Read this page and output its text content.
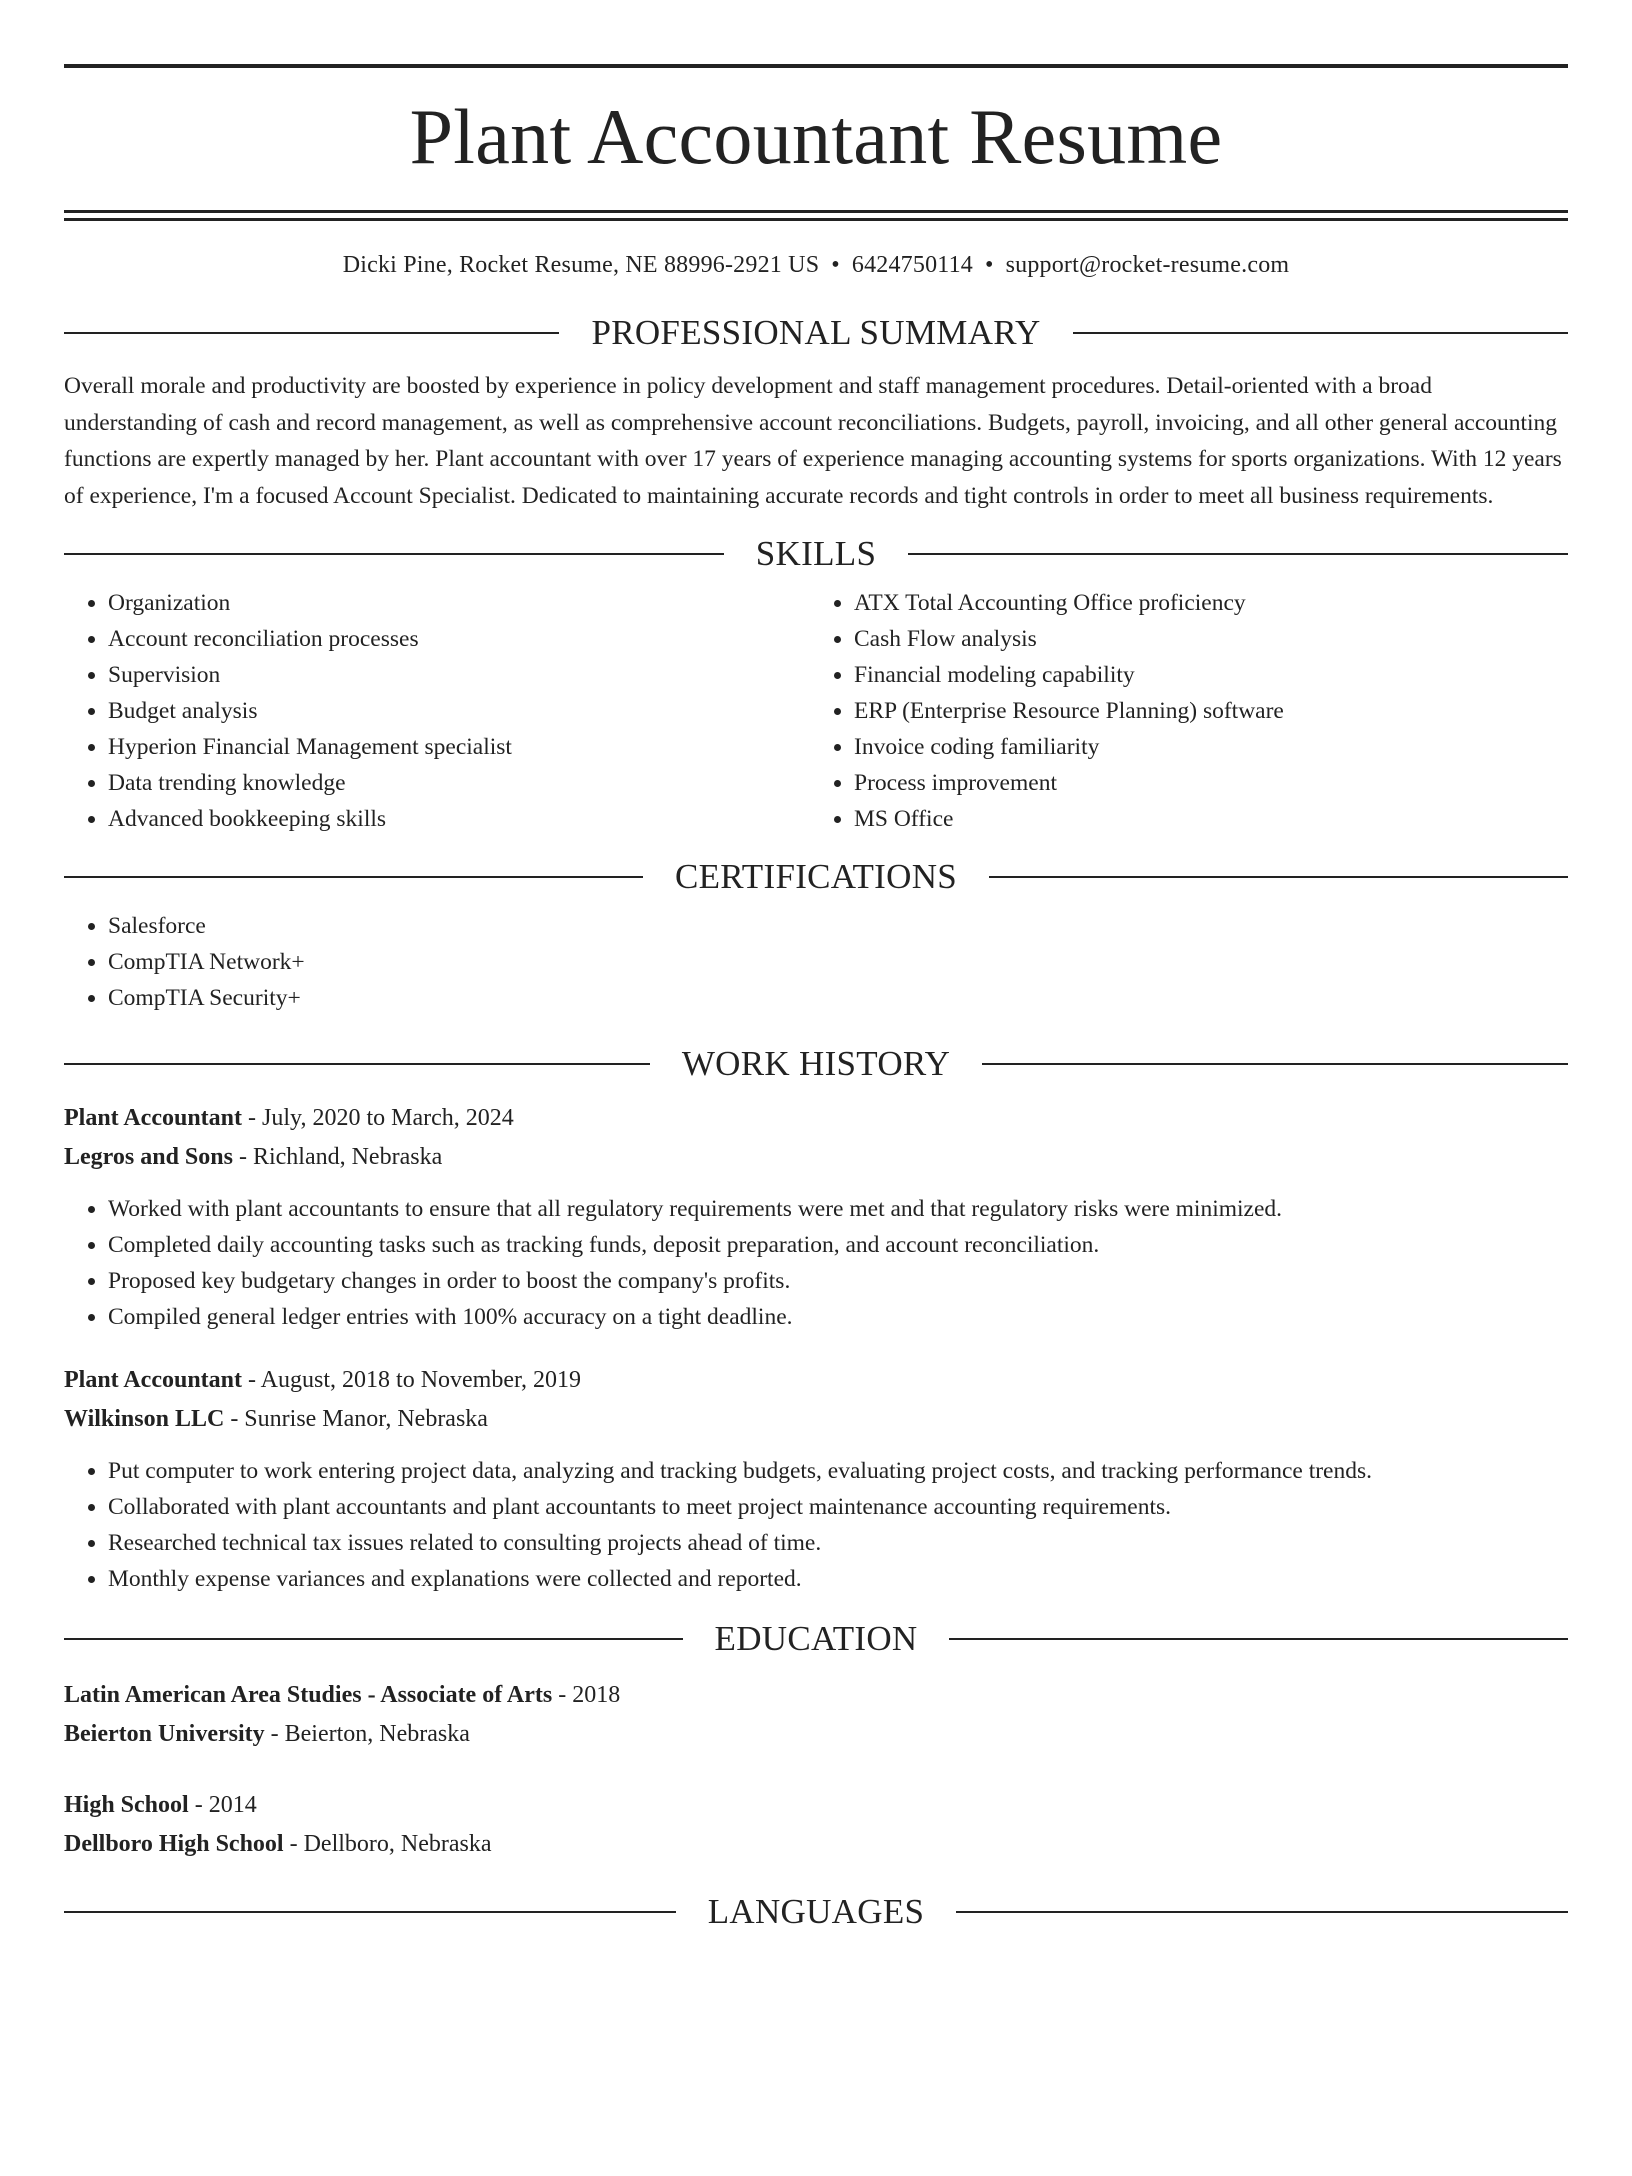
Plant Accountant Resume
Dicki Pine, Rocket Resume, NE 88996-2921 US • 6424750114 • support@rocket-resume.com
PROFESSIONAL SUMMARY

Overall morale and productivity are boosted by experience in policy development and staff management procedures. Detail-oriented with a broad understanding of cash and record management, as well as comprehensive account reconciliations. Budgets, payroll, invoicing, and all other general accounting functions are expertly managed by her. Plant accountant with over 17 years of experience managing accounting systems for sports organizations. With 12 years of experience, I'm a focused Account Specialist. Dedicated to maintaining accurate records and tight controls in order to meet all business requirements.

SKILLS
• Organization
• Account reconciliation processes
• Supervision
• Budget analysis
• Hyperion Financial Management specialist
• Data trending knowledge
• Advanced bookkeeping skills
• ATX Total Accounting Office proficiency
• Cash Flow analysis
• Financial modeling capability
• ERP (Enterprise Resource Planning) software
• Invoice coding familiarity
• Process improvement
• MS Office
CERTIFICATIONS
• Salesforce
• CompTIA Network+
• CompTIA Security+
WORK HISTORY
Plant Accountant - July, 2020 to March, 2024
Legros and Sons - Richland, Nebraska
• Worked with plant accountants to ensure that all regulatory requirements were met and that regulatory risks were minimized.
• Completed daily accounting tasks such as tracking funds, deposit preparation, and account reconciliation.
• Proposed key budgetary changes in order to boost the company's profits.
• Compiled general ledger entries with 100% accuracy on a tight deadline.
Plant Accountant - August, 2018 to November, 2019
Wilkinson LLC - Sunrise Manor, Nebraska
• Put computer to work entering project data, analyzing and tracking budgets, evaluating project costs, and tracking performance trends.
• Collaborated with plant accountants and plant accountants to meet project maintenance accounting requirements.
• Researched technical tax issues related to consulting projects ahead of time.
• Monthly expense variances and explanations were collected and reported.
EDUCATION
Latin American Area Studies - Associate of Arts - 2018
Beierton University - Beierton, Nebraska
High School - 2014
Dellboro High School - Dellboro, Nebraska
LANGUAGES
